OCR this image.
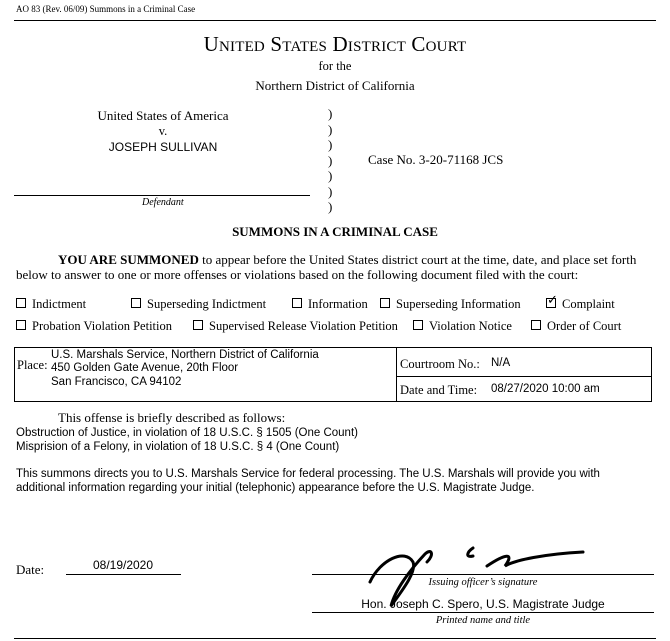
AO 83 (Rev. 06/09) Summons in a Criminal Case
United States District Court
for the
Northern District of California
United States of America
v.
JOSEPH SULLIVAN
Defendant
)
)
)
)
)
)
)
Case No. 3-20-71168 JCS
SUMMONS IN A CRIMINAL CASE
YOU ARE SUMMONED to appear before the United States district court at the time, date, and place set forth
below to answer to one or more offenses or violations based on the following document filed with the court:
Indictment	Superseding Indictment	Information	Superseding Information
✓	Complaint
Probation Violation Petition	Supervised Release Violation Petition	Violation Notice	Order of Court
Place:
U.S. Marshals Service, Northern District of California
450 Golden Gate Avenue, 20th Floor
San Francisco, CA 94102
Courtroom No.: N/A
Date and Time: 08/27/2020 10:00 am
This offense is briefly described as follows:
Obstruction of Justice, in violation of 18 U.S.C. § 1505 (One Count)
Misprision of a Felony, in violation of 18 U.S.C. § 4 (One Count)
This summons directs you to U.S. Marshals Service for federal processing. The U.S. Marshals will provide you with
additional information regarding your initial (telephonic) appearance before the U.S. Magistrate Judge.
Date:	08/19/2020
Issuing officer’s signature
Hon. Joseph C. Spero, U.S. Magistrate Judge
Printed name and title
